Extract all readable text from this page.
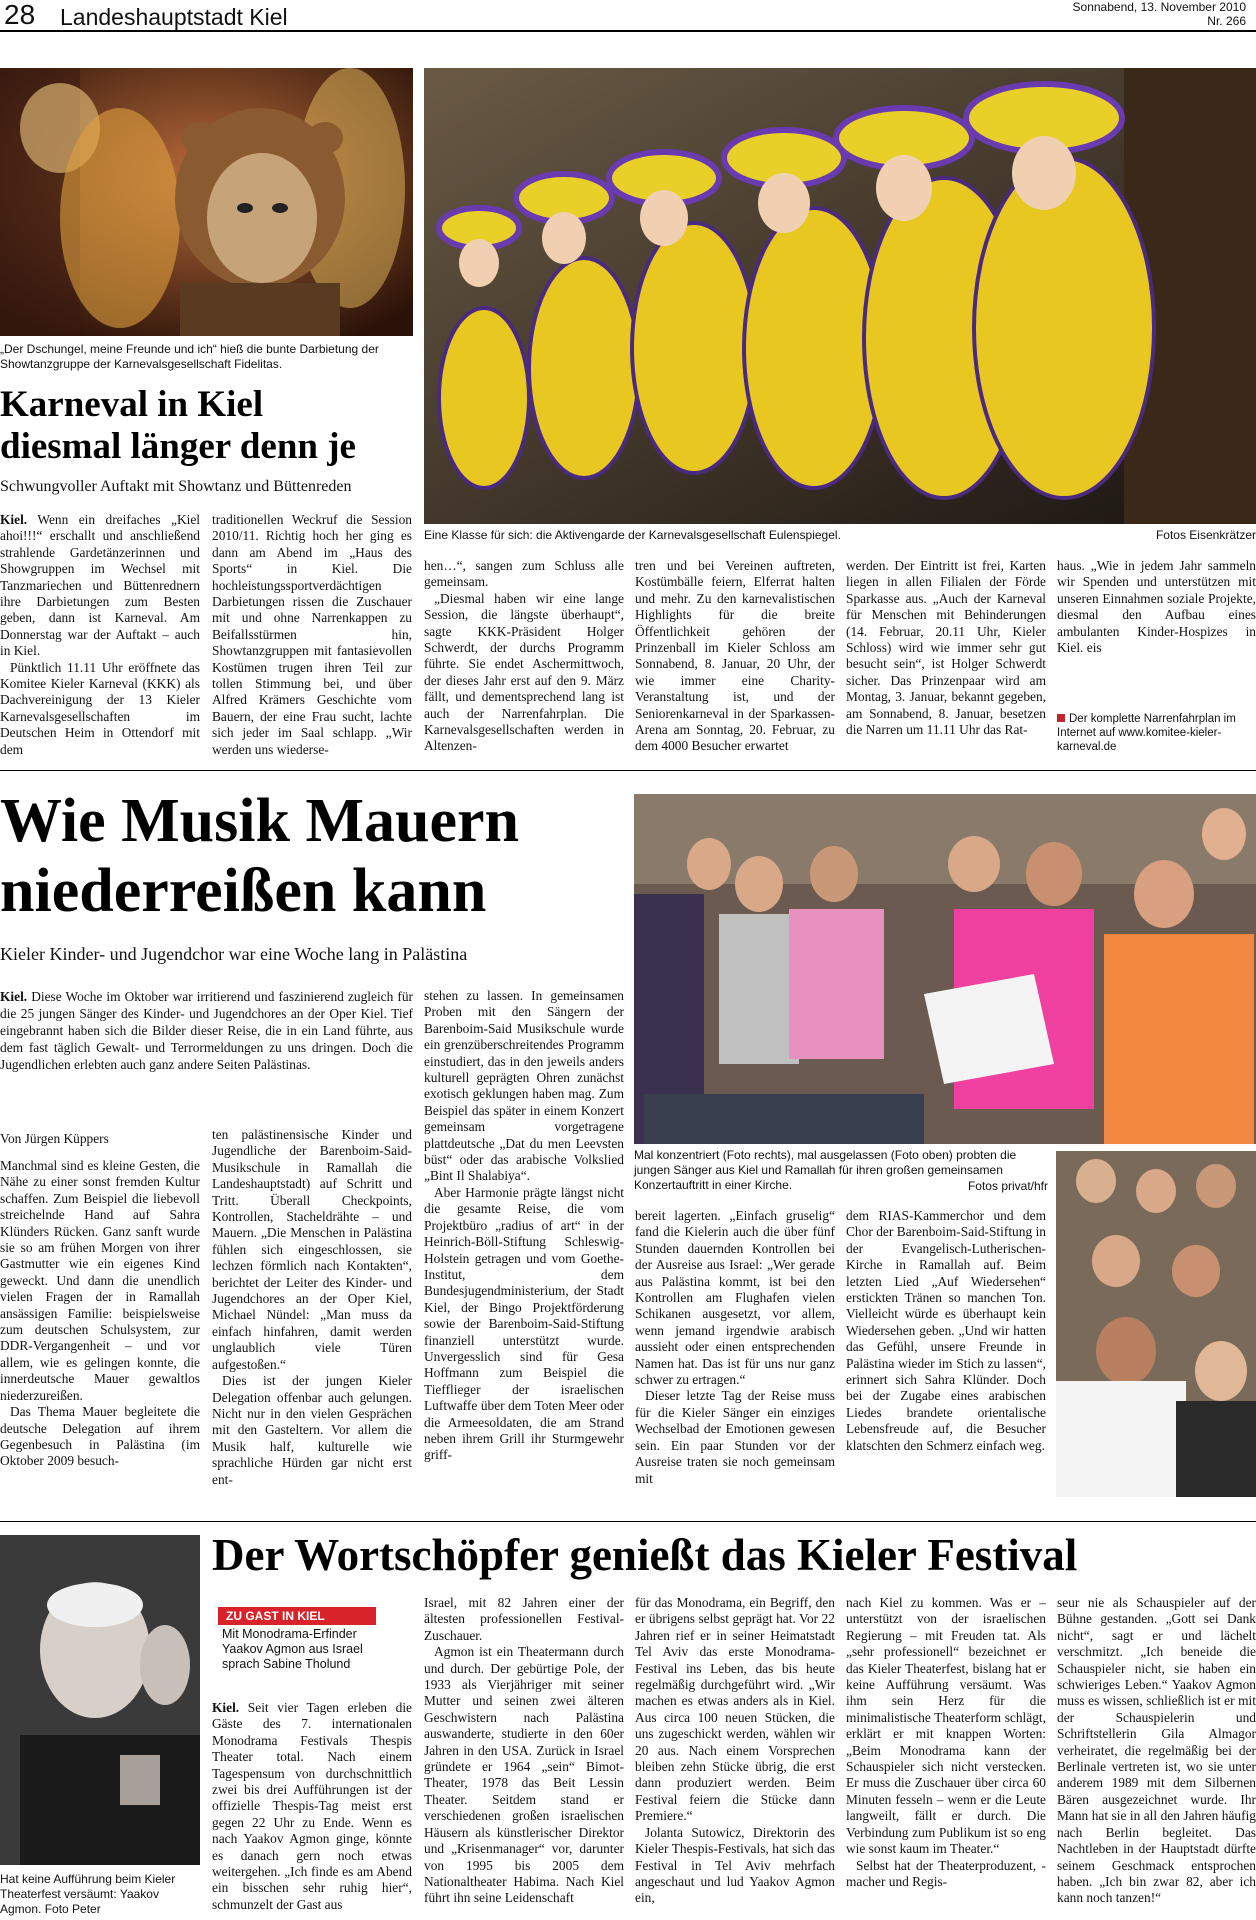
28 Landeshauptstadt Kiel	Sonnabend, 13. November 2010
Nr. 266
„Der Dschungel, meine Freunde und ich“ hieß die bunte Darbietung der Showtanzgruppe der Karnevalsgesellschaft Fidelitas.
Eine Klasse für sich: die Aktivengarde der Karnevalsgesellschaft Eulenspiegel.	Fotos Eisenkrätzer
Karneval in Kiel
diesmal länger denn je
Schwungvoller Auftakt mit Showtanz und Büttenreden

Kiel. Wenn ein dreifaches „Kiel ahoi!!!“ erschallt und anschließend strahlende Gardetänzerinnen und Showgruppen im Wechsel mit Tanzmariechen und Büttenrednern ihre Darbietungen zum Besten geben, dann ist Karneval. Am Donnerstag war der Auftakt – auch in Kiel.

Pünktlich 11.11 Uhr eröffnete das Komitee Kieler Karneval (KKK) als Dachvereinigung der 13 Kieler Karnevalsgesellschaften im Deutschen Heim in Ottendorf mit dem

traditionellen Weckruf die Session 2010/11. Richtig hoch her ging es dann am Abend im „Haus des Sports“ in Kiel. Die hochleistungssportverdächtigen Darbietungen rissen die Zuschauer mit und ohne Narrenkappen zu Beifallsstürmen hin, Showtanzgruppen mit fantasievollen Kostümen trugen ihren Teil zur tollen Stimmung bei, und über Alfred Krämers Geschichte vom Bauern, der eine Frau sucht, lachte sich jeder im Saal schlapp. „Wir werden uns wiederse-

hen…“, sangen zum Schluss alle gemeinsam.

„Diesmal haben wir eine lange Session, die längste überhaupt“, sagte KKK-Präsident Holger Schwerdt, der durchs Programm führte. Sie endet Aschermittwoch, der dieses Jahr erst auf den 9. März fällt, und dementsprechend lang ist auch der Narrenfahrplan. Die Karnevalsgesellschaften werden in Altenzen-

tren und bei Vereinen auftreten, Kostümbälle feiern, Elferrat halten und mehr. Zu den karnevalistischen Highlights für die breite Öffentlichkeit gehören der Prinzenball im Kieler Schloss am Sonnabend, 8. Januar, 20 Uhr, der wie immer eine Charity-Veranstaltung ist, und der Seniorenkarneval in der Sparkassen-Arena am Sonntag, 20. Februar, zu dem 4000 Besucher erwartet

werden. Der Eintritt ist frei, Karten liegen in allen Filialen der Förde Sparkasse aus. „Auch der Karneval für Menschen mit Behinderungen (14. Februar, 20.11 Uhr, Kieler Schloss) wird wie immer sehr gut besucht sein“, ist Holger Schwerdt sicher. Das Prinzenpaar wird am Montag, 3. Januar, bekannt gegeben, am Sonnabend, 8. Januar, besetzen die Narren um 11.11 Uhr das Rat-

haus. „Wie in jedem Jahr sammeln wir Spenden und unterstützen mit unseren Einnahmen soziale Projekte, diesmal den Aufbau eines ambulanten Kinder-Hospizes in Kiel. eis

Der komplette Narrenfahrplan im Internet auf www.komitee-kieler-karneval.de
Wie Musik Mauern
niederreißen kann
Kieler Kinder- und Jugendchor war eine Woche lang in Palästina
Mal konzentriert (Foto rechts), mal ausgelassen (Foto oben) probten die jungen Sänger aus Kiel und Ramallah für ihren großen gemeinsamen Konzertauftritt in einer Kirche.	Fotos privat/hfr

Kiel. Diese Woche im Oktober war irritierend und faszinierend zugleich für die 25 jungen Sänger des Kinder- und Jugendchores an der Oper Kiel. Tief eingebrannt haben sich die Bilder dieser Reise, die in ein Land führte, aus dem fast täglich Gewalt- und Terrormeldungen zu uns dringen. Doch die Jugendlichen erlebten auch ganz andere Seiten Palästinas.

Von Jürgen Küppers

Manchmal sind es kleine Gesten, die Nähe zu einer sonst fremden Kultur schaffen. Zum Beispiel die liebevoll streichelnde Hand auf Sahra Klünders Rücken. Ganz sanft wurde sie so am frühen Morgen von ihrer Gastmutter wie ein eigenes Kind geweckt. Und dann die unendlich vielen Fragen der in Ramallah ansässigen Familie: beispielsweise zum deutschen Schulsystem, zur DDR-Vergangenheit – und vor allem, wie es gelingen konnte, die innerdeutsche Mauer gewaltlos niederzureißen.

Das Thema Mauer begleitete die deutsche Delegation auf ihrem Gegenbesuch in Palästina (im Oktober 2009 besuch-

ten palästinensische Kinder und Jugendliche der Barenboim-Said-Musikschule in Ramallah die Landeshauptstadt) auf Schritt und Tritt. Überall Checkpoints, Kontrollen, Stacheldrähte – und Mauern. „Die Menschen in Palästina fühlen sich eingeschlossen, sie lechzen förmlich nach Kontakten“, berichtet der Leiter des Kinder- und Jugendchores an der Oper Kiel, Michael Nündel: „Man muss da einfach hinfahren, damit werden unglaublich viele Türen aufgestoßen.“

Dies ist der jungen Kieler Delegation offenbar auch gelungen. Nicht nur in den vielen Gesprächen mit den Gasteltern. Vor allem die Musik half, kulturelle wie sprachliche Hürden gar nicht erst ent-

stehen zu lassen. In gemeinsamen Proben mit den Sängern der Barenboim-Said Musikschule wurde ein grenzüberschreitendes Programm einstudiert, das in den jeweils anders kulturell geprägten Ohren zunächst exotisch geklungen haben mag. Zum Beispiel das später in einem Konzert gemeinsam vorgetragene plattdeutsche „Dat du men Leevsten büst“ oder das arabische Volkslied „Bint Il Shalabiya“.

Aber Harmonie prägte längst nicht die gesamte Reise, die vom Projektbüro „radius of art“ in der Heinrich-Böll-Stiftung Schleswig-Holstein getragen und vom Goethe-Institut, dem Bundesjugendministerium, der Stadt Kiel, der Bingo Projektförderung sowie der Barenboim-Said-Stiftung finanziell unterstützt wurde. Unvergesslich sind für Gesa Hoffmann zum Beispiel die Tiefflieger der israelischen Luftwaffe über dem Toten Meer oder die Armeesoldaten, die am Strand neben ihrem Grill ihr Sturmgewehr griff-

bereit lagerten. „Einfach gruselig“ fand die Kielerin auch die über fünf Stunden dauernden Kontrollen bei der Ausreise aus Israel: „Wer gerade aus Palästina kommt, ist bei den Kontrollen am Flughafen vielen Schikanen ausgesetzt, vor allem, wenn jemand irgendwie arabisch aussieht oder einen entsprechenden Namen hat. Das ist für uns nur ganz schwer zu ertragen.“

Dieser letzte Tag der Reise muss für die Kieler Sänger ein einziges Wechselbad der Emotionen gewesen sein. Ein paar Stunden vor der Ausreise traten sie noch gemeinsam mit

dem RIAS-Kammerchor und dem Chor der Barenboim-Said-Stiftung in der Evangelisch-Lutherischen-Kirche in Ramallah auf. Beim letzten Lied „Auf Wiedersehen“ erstickten Tränen so manchen Ton. Vielleicht würde es überhaupt kein Wiedersehen geben. „Und wir hatten das Gefühl, unsere Freunde in Palästina wieder im Stich zu lassen“, erinnert sich Sahra Klünder. Doch bei der Zugabe eines arabischen Liedes brandete orientalische Lebensfreude auf, die Besucher klatschten den Schmerz einfach weg.

Hat keine Aufführung beim Kieler Theaterfest versäumt: Yaakov Agmon. Foto Peter
Der Wortschöpfer genießt das Kieler Festival
ZU GAST IN KIEL
Mit Monodrama-Erfinder Yaakov Agmon aus Israel sprach Sabine Tholund

Kiel. Seit vier Tagen erleben die Gäste des 7. internationalen Monodrama Festivals Thespis Theater total. Nach einem Tagespensum von durchschnittlich zwei bis drei Aufführungen ist der offizielle Thespis-Tag meist erst gegen 22 Uhr zu Ende. Wenn es nach Yaakov Agmon ginge, könnte es danach gern noch etwas weitergehen. „Ich finde es am Abend ein bisschen sehr ruhig hier“, schmunzelt der Gast aus

Israel, mit 82 Jahren einer der ältesten professionellen Festival-Zuschauer.

Agmon ist ein Theatermann durch und durch. Der gebürtige Pole, der 1933 als Vierjähriger mit seiner Mutter und seinen zwei älteren Geschwistern nach Palästina auswanderte, studierte in den 60er Jahren in den USA. Zurück in Israel gründete er 1964 „sein“ Bimot-Theater, 1978 das Beit Lessin Theater. Seitdem stand er verschiedenen großen israelischen Häusern als künstlerischer Direktor und „Krisenmanager“ vor, darunter von 1995 bis 2005 dem Nationaltheater Habima. Nach Kiel führt ihn seine Leidenschaft

für das Monodrama, ein Begriff, den er übrigens selbst geprägt hat. Vor 22 Jahren rief er in seiner Heimatstadt Tel Aviv das erste Monodrama-Festival ins Leben, das bis heute regelmäßig durchgeführt wird. „Wir machen es etwas anders als in Kiel. Aus circa 100 neuen Stücken, die uns zugeschickt werden, wählen wir 20 aus. Nach einem Vorsprechen bleiben zehn Stücke übrig, die erst dann produziert werden. Beim Festival feiern die Stücke dann Premiere.“

Jolanta Sutowicz, Direktorin des Kieler Thespis-Festivals, hat sich das Festival in Tel Aviv mehrfach angeschaut und lud Yaakov Agmon ein,

nach Kiel zu kommen. Was er – unterstützt von der israelischen Regierung – mit Freuden tat. Als „sehr professionell“ bezeichnet er das Kieler Theaterfest, bislang hat er keine Aufführung versäumt. Was ihm sein Herz für die minimalistische Theaterform schlägt, erklärt er mit knappen Worten: „Beim Monodrama kann der Schauspieler sich nicht verstecken. Er muss die Zuschauer über circa 60 Minuten fesseln – wenn er die Leute langweilt, fällt er durch. Die Verbindung zum Publikum ist so eng wie sonst kaum im Theater.“

Selbst hat der Theaterproduzent, -macher und Regis-

seur nie als Schauspieler auf der Bühne gestanden. „Gott sei Dank nicht“, sagt er und lächelt verschmitzt. „Ich beneide die Schauspieler nicht, sie haben ein schwieriges Leben.“ Yaakov Agmon muss es wissen, schließlich ist er mit der Schauspielerin und Schriftstellerin Gila Almagor verheiratet, die regelmäßig bei der Berlinale vertreten ist, wo sie unter anderem 1989 mit dem Silbernen Bären ausgezeichnet wurde. Ihr Mann hat sie in all den Jahren häufig nach Berlin begleitet. Das Nachtleben in der Hauptstadt dürfte seinem Geschmack entsprochen haben. „Ich bin zwar 82, aber ich kann noch tanzen!“
